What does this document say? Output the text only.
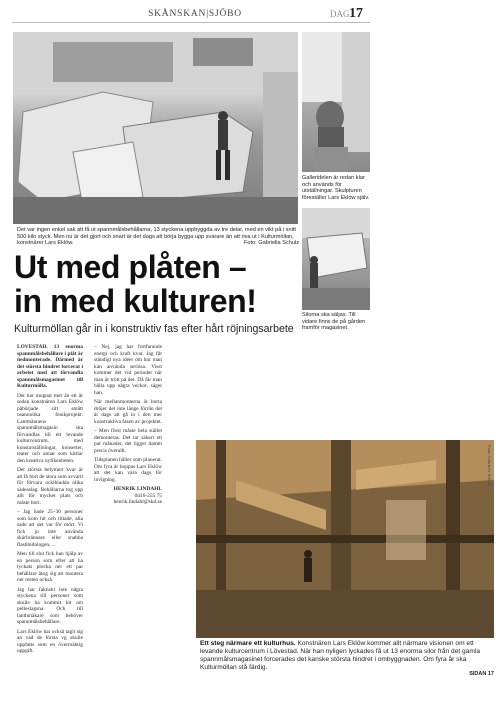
SKÅNSKAN|SJÖBO	DAG 17
Det var ingen enkel sak att få ut spannmålsbehållarna, 13 styckena uppbyggda av tre delar, med en vikt på i snitt 500 kilo styck. Men nu är det gjort och snart är det dags att börja bygga upp svarare än att riva ut i Kulturmöllan, konstnärer Lars Eklöw.	Foto: Gabriella Schulz
Galleridelen är redan klar och används för utställningar. Skulpturen föreställer Lars Eklöw själv.
Silorna ska säljas. Till vidare finns de på gården framför magasinet.
Ut med plåten –
in med kulturen!
Kulturmöllan går in i konstruktiv fas efter hårt röjningsarbete

LÖVESTAD. 13 enorma spannmålsbehållare i plåt är nedmonterade. Därmed är det största hindret forcerat i arbetet med att förvandla spannmålsmagasinet till Kulturmölla.

Det har mognat mer än ett år sedan konstnären Lars Eklöw påbörjade sitt smått osannolika fenikprojekt. Lantmännens spannmålsmagasin ska förvandlas till ett levande kulturcentrum, med konstutställningar, konserter, teater och annat som kittlar den kreativa nyfikenheten.

Det största belymert kvar är att få bort de stora som avvarit för förvara ocklbladda olika sädesslag. Behållarna tog upp allt för mycket plats och måste bort.

– Jag hade 25–30 personer som kom hit och tittade, alla sade att det var för mört. Vi fick jo inte använda skärbrännare eller snabba flashbidningen, ...

Men till slut fick han hjälp av en person som efter att ha lyckats plocka ner ett par behållare åtog sig att montera ner resten också.

Jag har faktiskt inte några styckena till personer som skulle ha kommit hit om pelleslagsna. Och till lanthmäkare som behöver spannmålsbehållare.

Lars Eklöw har också tagit sig an vad de första vg skulle uppfatts som en övermäktig uppgift.

– Nej, jag har fortfarande energi och kraft kvar. Jag får ständigt nya idéer om hur man kan använda seriösa. Visst kommer det vid perioder när man är trött på det. Då får man hålla upp några veckor, säger han.

När mellanmonterna är borta dröjer det inte länge förrän det är dags att gå in i den mer konstruktiva fasen av projektet.

– Men först måste hela stället demonteras. Det tar säkert ett par månader, det ligger damm precis överallt.

Tidsplanen håller som planerat. Om fyra år hoppas Lars Eklöw att det kan vara dags för invigning.

HENRIK LINDAHL
0416-255 75
henrik.lindahl@skd.se
Foto: Gabriella Schulz
Ett steg närmare ett kulturhus. Konstnären Lars Eklöw kommer allt närmare visionen om ett levande kulturcentrum i Lövestad. När han nyligen lyckades få ut 13 enorma silor från det gamla spannmålsmagasinet forcerades det kanske största hindret i ombyggnaden. Om fyra år ska Kulturmöllan stå färdig.
SIDAN 17
